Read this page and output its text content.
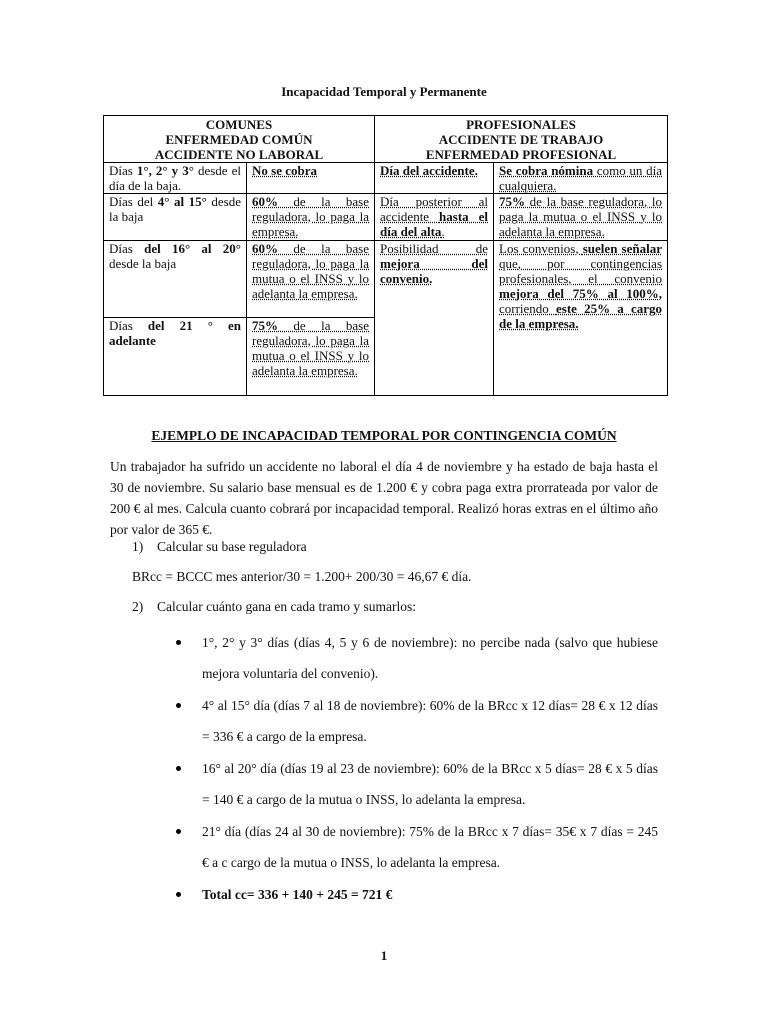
Incapacidad Temporal y Permanente
COMUNES
ENFERMEDAD COMÚN
ACCIDENTE NO LABORAL		PROFESIONALES
ACCIDENTE DE TRABAJO
ENFERMEDAD PROFESIONAL	

Días 1°, 2° y 3° desde el día de la baja.	No se cobra	Día del accidente.	Se cobra nómina como un día cualquiera.
Días del 4° al 15° desde la baja	60% de la base reguladora, lo paga la empresa.	Día posterior al accidente hasta el día del alta.	75% de la base reguladora, lo paga la mutua o el INSS y lo adelanta la empresa.
Días del 16° al 20° desde la baja	60% de la base reguladora, lo paga la mutua o el INSS y lo adelanta la empresa.	Posibilidad de mejora del convenio.	Los convenios, suelen señalar que, por contingencias profesionales, el convenio mejora del 75% al 100%, corriendo este 25% a cargo de la empresa.
Días del 21 ° en adelante	75% de la base reguladora, lo paga la mutua o el INSS y lo adelanta la empresa.		
EJEMPLO DE INCAPACIDAD TEMPORAL POR CONTINGENCIA COMÚN
Un trabajador ha sufrido un accidente no laboral el día 4 de noviembre y ha estado de baja hasta el 30 de noviembre. Su salario base mensual es de 1.200 € y cobra paga extra prorrateada por valor de 200 € al mes. Calcula cuanto cobrará por incapacidad temporal. Realizó horas extras en el último año por valor de 365 €.
1) Calcular su base reguladora
BRcc = BCCC mes anterior/30 = 1.200+ 200/30 = 46,67 € día.
2) Calcular cuánto gana en cada tramo y sumarlos:
1°, 2° y 3° días (días 4, 5 y 6 de noviembre): no percibe nada (salvo que hubiese mejora voluntaria del convenio).
4° al 15° día (días 7 al 18 de noviembre): 60% de la BRcc x 12 días= 28 € x 12 días = 336 € a cargo de la empresa.
16° al 20° día (días 19 al 23 de noviembre): 60% de la BRcc x 5 días= 28 € x 5 días = 140 € a cargo de la mutua o INSS, lo adelanta la empresa.
21° día (días 24 al 30 de noviembre): 75% de la BRcc x 7 días= 35€ x 7 días = 245 € a c cargo de la mutua o INSS, lo adelanta la empresa.
Total cc= 336 + 140 + 245 = 721 €
1
